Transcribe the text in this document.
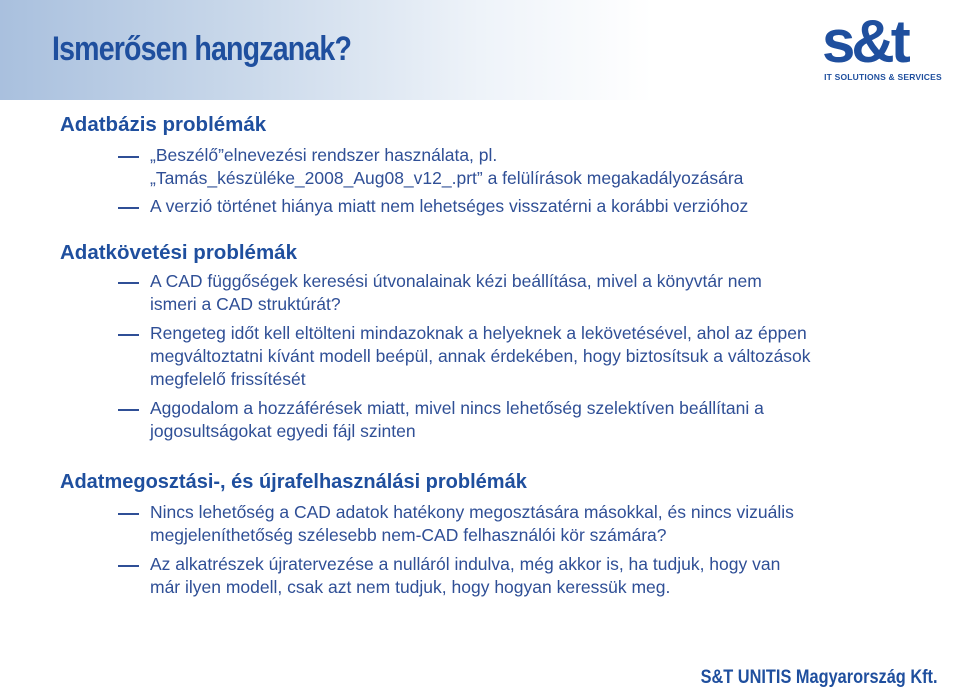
Ismerősen hangzanak?	s&t
IT SOLUTIONS & SERVICES
Adatbázis problémák
„Beszélő”elnevezési rendszer használata, pl.
„Tamás_készüléke_2008_Aug08_v12_.prt” a felülírások megakadályozására
A verzió történet hiánya miatt nem lehetséges visszatérni a korábbi verzióhoz
Adatkövetési problémák
A CAD függőségek keresési útvonalainak kézi beállítása, mivel a könyvtár nem
ismeri a CAD struktúrát?
Rengeteg időt kell eltölteni mindazoknak a helyeknek a lekövetésével, ahol az éppen
megváltoztatni kívánt modell beépül, annak érdekében, hogy biztosítsuk a változások
megfelelő frissítését
Aggodalom a hozzáférések miatt, mivel nincs lehetőség szelektíven beállítani a
jogosultságokat egyedi fájl szinten
Adatmegosztási-, és újrafelhasználási problémák
Nincs lehetőség a CAD adatok hatékony megosztására másokkal, és nincs vizuális
megjeleníthetőség szélesebb nem-CAD felhasználói kör számára?
Az alkatrészek újratervezése a nulláról indulva, még akkor is, ha tudjuk, hogy van
már ilyen modell, csak azt nem tudjuk, hogy hogyan keressük meg.
S&T UNITIS Magyarország Kft.
